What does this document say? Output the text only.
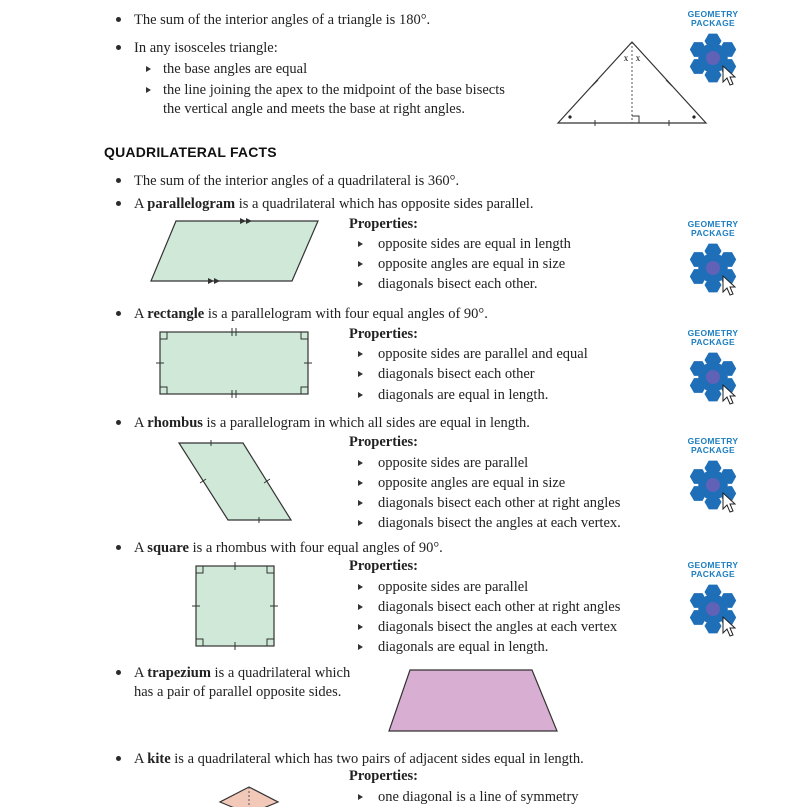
The sum of the interior angles of a triangle is 180°.
In any isosceles triangle:
the base angles are equal
the line joining the apex to the midpoint of the base bisects
the vertical angle and meets the base at right angles.
x x
QUADRILATERAL FACTS
The sum of the interior angles of a quadrilateral is 360°.
A parallelogram is a quadrilateral which has opposite sides parallel.
Properties:
opposite sides are equal in length
opposite angles are equal in size
diagonals bisect each other.
A rectangle is a parallelogram with four equal angles of 90°.
Properties:
opposite sides are parallel and equal
diagonals bisect each other
diagonals are equal in length.
A rhombus is a parallelogram in which all sides are equal in length.
Properties:
opposite sides are parallel
opposite angles are equal in size
diagonals bisect each other at right angles
diagonals bisect the angles at each vertex.
A square is a rhombus with four equal angles of 90°.
Properties:
opposite sides are parallel
diagonals bisect each other at right angles
diagonals bisect the angles at each vertex
diagonals are equal in length.
A trapezium is a quadrilateral which
has a pair of parallel opposite sides.
A kite is a quadrilateral which has two pairs of adjacent sides equal in length.
Properties:
one diagonal is a line of symmetry
GEOMETRY
PACKAGE
GEOMETRY
PACKAGE
GEOMETRY
PACKAGE
GEOMETRY
PACKAGE
GEOMETRY
PACKAGE
